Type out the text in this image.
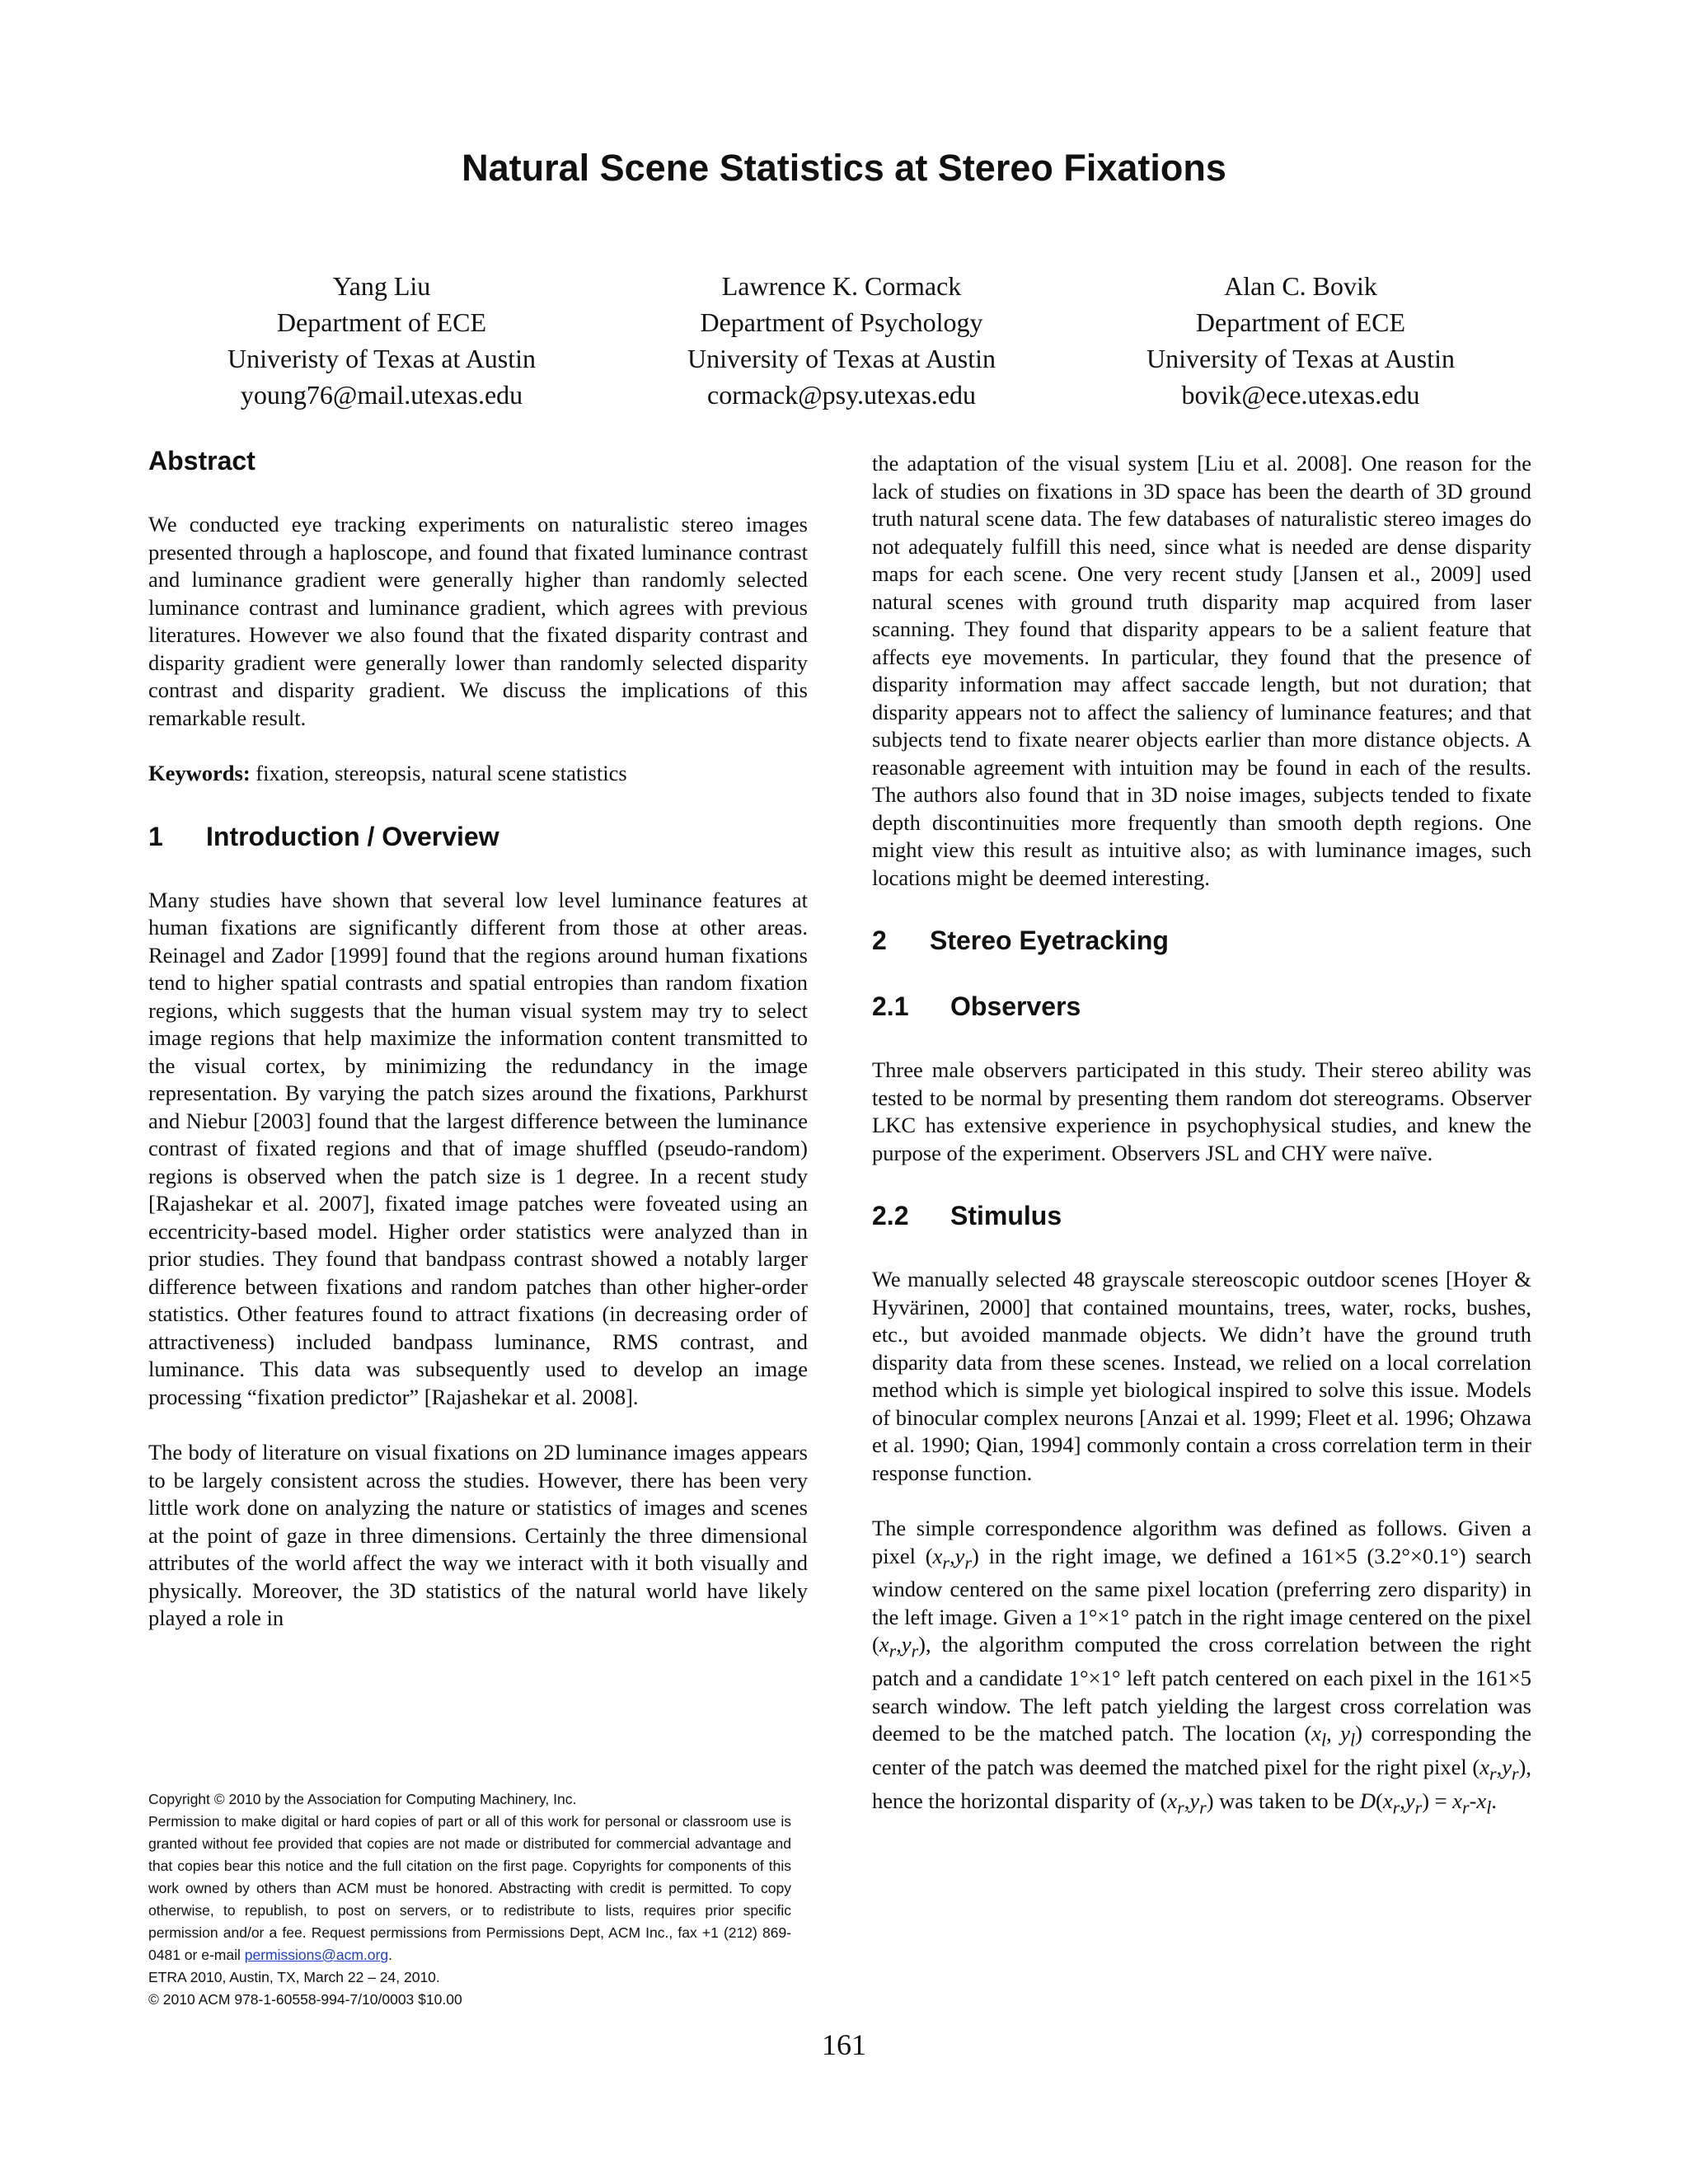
Natural Scene Statistics at Stereo Fixations
Yang Liu
Department of ECE
Univeristy of Texas at Austin
young76@mail.utexas.edu
Lawrence K. Cormack
Department of Psychology
University of Texas at Austin
cormack@psy.utexas.edu
Alan C. Bovik
Department of ECE
University of Texas at Austin
bovik@ece.utexas.edu
Abstract

We conducted eye tracking experiments on naturalistic stereo images presented through a haploscope, and found that fixated luminance contrast and luminance gradient were generally higher than randomly selected luminance contrast and luminance gradient, which agrees with previous literatures. However we also found that the fixated disparity contrast and disparity gradient were generally lower than randomly selected disparity contrast and disparity gradient. We discuss the implications of this remarkable result.

Keywords: fixation, stereopsis, natural scene statistics

1 Introduction / Overview

Many studies have shown that several low level luminance features at human fixations are significantly different from those at other areas. Reinagel and Zador [1999] found that the regions around human fixations tend to higher spatial contrasts and spatial entropies than random fixation regions, which suggests that the human visual system may try to select image regions that help maximize the information content transmitted to the visual cortex, by minimizing the redundancy in the image representation. By varying the patch sizes around the fixations, Parkhurst and Niebur [2003] found that the largest difference between the luminance contrast of fixated regions and that of image shuffled (pseudo-random) regions is observed when the patch size is 1 degree. In a recent study [Rajashekar et al. 2007], fixated image patches were foveated using an eccentricity-based model. Higher order statistics were analyzed than in prior studies. They found that bandpass contrast showed a notably larger difference between fixations and random patches than other higher-order statistics. Other features found to attract fixations (in decreasing order of attractiveness) included bandpass luminance, RMS contrast, and luminance. This data was subsequently used to develop an image processing “fixation predictor” [Rajashekar et al. 2008].

The body of literature on visual fixations on 2D luminance images appears to be largely consistent across the studies. However, there has been very little work done on analyzing the nature or statistics of images and scenes at the point of gaze in three dimensions. Certainly the three dimensional attributes of the world affect the way we interact with it both visually and physically. Moreover, the 3D statistics of the natural world have likely played a role in

the adaptation of the visual system [Liu et al. 2008]. One reason for the lack of studies on fixations in 3D space has been the dearth of 3D ground truth natural scene data. The few databases of naturalistic stereo images do not adequately fulfill this need, since what is needed are dense disparity maps for each scene. One very recent study [Jansen et al., 2009] used natural scenes with ground truth disparity map acquired from laser scanning. They found that disparity appears to be a salient feature that affects eye movements. In particular, they found that the presence of disparity information may affect saccade length, but not duration; that disparity appears not to affect the saliency of luminance features; and that subjects tend to fixate nearer objects earlier than more distance objects. A reasonable agreement with intuition may be found in each of the results. The authors also found that in 3D noise images, subjects tended to fixate depth discontinuities more frequently than smooth depth regions. One might view this result as intuitive also; as with luminance images, such locations might be deemed interesting.

2 Stereo Eyetracking
2.1 Observers

Three male observers participated in this study. Their stereo ability was tested to be normal by presenting them random dot stereograms. Observer LKC has extensive experience in psychophysical studies, and knew the purpose of the experiment. Observers JSL and CHY were naïve.

2.2 Stimulus

We manually selected 48 grayscale stereoscopic outdoor scenes [Hoyer & Hyvärinen, 2000] that contained mountains, trees, water, rocks, bushes, etc., but avoided manmade objects. We didn’t have the ground truth disparity data from these scenes. Instead, we relied on a local correlation method which is simple yet biological inspired to solve this issue. Models of binocular complex neurons [Anzai et al. 1999; Fleet et al. 1996; Ohzawa et al. 1990; Qian, 1994] commonly contain a cross correlation term in their response function.

The simple correspondence algorithm was defined as follows. Given a pixel $(x_r,y_r)$ in the right image, we defined a 161×5 (3.2°×0.1°) search window centered on the same pixel location (preferring zero disparity) in the left image. Given a 1°×1° patch in the right image centered on the pixel $(x_r,y_r)$, the algorithm computed the cross correlation between the right patch and a candidate 1°×1° left patch centered on each pixel in the 161×5 search window. The left patch yielding the largest cross correlation was deemed to be the matched patch. The location ($x_l$, $y_l$) corresponding the center of the patch was deemed the matched pixel for the right pixel $(x_r,y_r)$, hence the horizontal disparity of $(x_r,y_r)$ was taken to be $D(x_r,y_r) = x_r-x_l$.

Copyright © 2010 by the Association for Computing Machinery, Inc.
Permission to make digital or hard copies of part or all of this work for personal or classroom use is granted without fee provided that copies are not made or distributed for commercial advantage and that copies bear this notice and the full citation on the first page. Copyrights for components of this work owned by others than ACM must be honored. Abstracting with credit is permitted. To copy otherwise, to republish, to post on servers, or to redistribute to lists, requires prior specific permission and/or a fee. Request permissions from Permissions Dept, ACM Inc., fax +1 (212) 869-0481 or e-mail permissions@acm.org.
ETRA 2010, Austin, TX, March 22 – 24, 2010.
© 2010 ACM 978-1-60558-994-7/10/0003 $10.00
161
